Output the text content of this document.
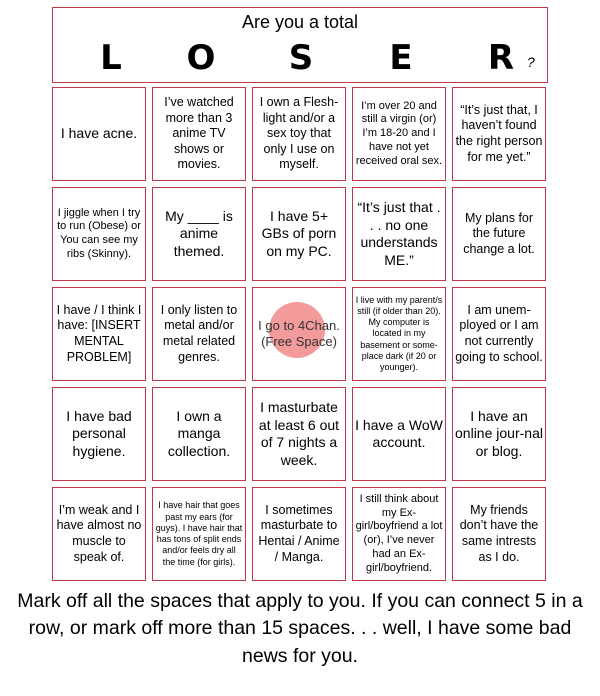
Are you a total
L	O	S	E	R ?
I have acne.
I’ve watched more than 3 anime TV shows or movies.
I own a Flesh-light and/or a sex toy that only I use on myself.
I’m over 20 and still a virgin (or) I’m 18-20 and I have not yet received oral sex.
“It’s just that, I haven’t found the right person for me yet.”
I jiggle when I try to run (Obese) or You can see my ribs (Skinny).
My ____ is anime themed.
I have 5+ GBs of porn on my PC.
“It’s just that . . . no one understands ME.”
My plans for the future change a lot.
I have / I think I have: [INSERT MENTAL PROBLEM]
I only listen to metal and/or metal related genres.
I go to 4Chan. (Free Space)
I live with my parent/s still (if older than 20). My computer is located in my basement or some-place dark (if 20 or younger).
I am unem-ployed or I am not currently going to school.
I have bad personal hygiene.
I own a manga collection.
I masturbate at least 6 out of 7 nights a week.
I have a WoW account.
I have an online jour-nal or blog.
I’m weak and I have almost no muscle to speak of.
I have hair that goes past my ears (for guys). I have hair that has tons of split ends and/or feels dry all the time (for girls).
I sometimes masturbate to Hentai / Anime / Manga.
I still think about my Ex-girl/boyfriend a lot (or), I’ve never had an Ex-girl/boyfriend.
My friends don’t have the same intrests as I do.
Mark off all the spaces that apply to you. If you can connect 5 in a row, or mark off more than 15 spaces. . . well, I have some bad news for you.
